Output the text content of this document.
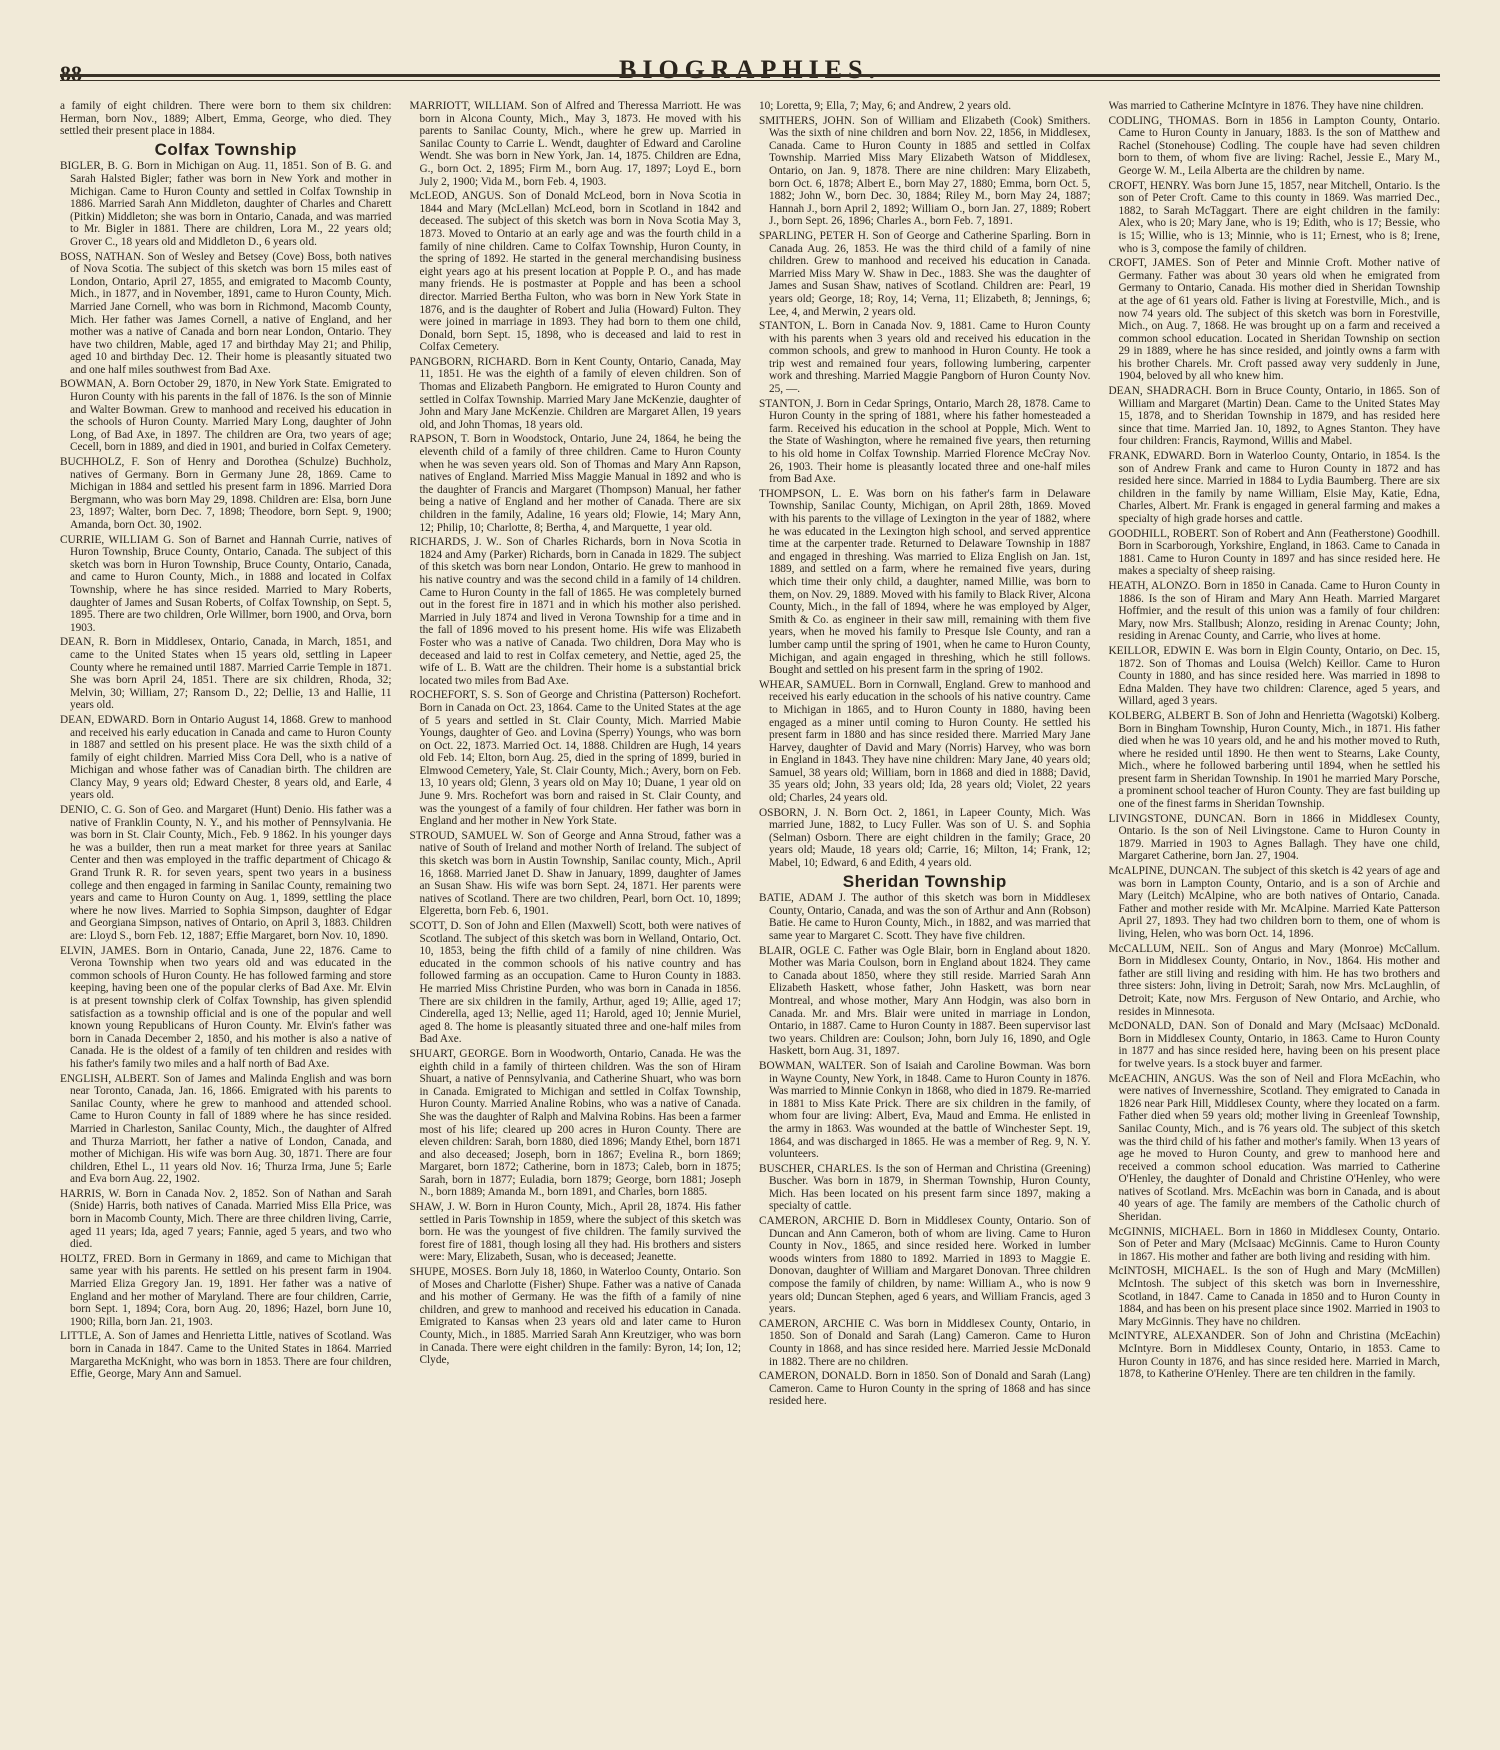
88	BIOGRAPHIES.

a family of eight children. There were born to them six children: Herman, born Nov., 1889; Albert, Emma, George, who died. They settled their present place in 1884.

Colfax Township

BIGLER, B. G. Born in Michigan on Aug. 11, 1851. Son of B. G. and Sarah Halsted Bigler; father was born in New York and mother in Michigan. Came to Huron County and settled in Colfax Township in 1886. Married Sarah Ann Middleton, daughter of Charles and Charett (Pitkin) Middleton; she was born in Ontario, Canada, and was married to Mr. Bigler in 1881. There are children, Lora M., 22 years old; Grover C., 18 years old and Middleton D., 6 years old.

BOSS, NATHAN. Son of Wesley and Betsey (Cove) Boss, both natives of Nova Scotia. The subject of this sketch was born 15 miles east of London, Ontario, April 27, 1855, and emigrated to Macomb County, Mich., in 1877, and in November, 1891, came to Huron County, Mich. Married Jane Cornell, who was born in Richmond, Macomb County, Mich. Her father was James Cornell, a native of England, and her mother was a native of Canada and born near London, Ontario. They have two children, Mable, aged 17 and birthday May 21; and Philip, aged 10 and birthday Dec. 12. Their home is pleasantly situated two and one half miles southwest from Bad Axe.

BOWMAN, A. Born October 29, 1870, in New York State. Emigrated to Huron County with his parents in the fall of 1876. Is the son of Minnie and Walter Bowman. Grew to manhood and received his education in the schools of Huron County. Married Mary Long, daughter of John Long, of Bad Axe, in 1897. The children are Ora, two years of age; Cecell, born in 1889, and died in 1901, and buried in Colfax Cemetery.

BUCHHOLZ, F. Son of Henry and Dorothea (Schulze) Buchholz, natives of Germany. Born in Germany June 28, 1869. Came to Michigan in 1884 and settled his present farm in 1896. Married Dora Bergmann, who was born May 29, 1898. Children are: Elsa, born June 23, 1897; Walter, born Dec. 7, 1898; Theodore, born Sept. 9, 1900; Amanda, born Oct. 30, 1902.

CURRIE, WILLIAM G. Son of Barnet and Hannah Currie, natives of Huron Township, Bruce County, Ontario, Canada. The subject of this sketch was born in Huron Township, Bruce County, Ontario, Canada, and came to Huron County, Mich., in 1888 and located in Colfax Township, where he has since resided. Married to Mary Roberts, daughter of James and Susan Roberts, of Colfax Township, on Sept. 5, 1895. There are two children, Orle Willmer, born 1900, and Orva, born 1903.

DEAN, R. Born in Middlesex, Ontario, Canada, in March, 1851, and came to the United States when 15 years old, settling in Lapeer County where he remained until 1887. Married Carrie Temple in 1871. She was born April 24, 1851. There are six children, Rhoda, 32; Melvin, 30; William, 27; Ransom D., 22; Dellie, 13 and Hallie, 11 years old.

DEAN, EDWARD. Born in Ontario August 14, 1868. Grew to manhood and received his early education in Canada and came to Huron County in 1887 and settled on his present place. He was the sixth child of a family of eight children. Married Miss Cora Dell, who is a native of Michigan and whose father was of Canadian birth. The children are Clancy May, 9 years old; Edward Chester, 8 years old, and Earle, 4 years old.

DENIO, C. G. Son of Geo. and Margaret (Hunt) Denio. His father was a native of Franklin County, N. Y., and his mother of Pennsylvania. He was born in St. Clair County, Mich., Feb. 9 1862. In his younger days he was a builder, then run a meat market for three years at Sanilac Center and then was employed in the traffic department of Chicago & Grand Trunk R. R. for seven years, spent two years in a business college and then engaged in farming in Sanilac County, remaining two years and came to Huron County on Aug. 1, 1899, settling the place where he now lives. Married to Sophia Simpson, daughter of Edgar and Georgiana Simpson, natives of Ontario, on April 3, 1883. Children are: Lloyd S., born Feb. 12, 1887; Effie Margaret, born Nov. 10, 1890.

ELVIN, JAMES. Born in Ontario, Canada, June 22, 1876. Came to Verona Township when two years old and was educated in the common schools of Huron County. He has followed farming and store keeping, having been one of the popular clerks of Bad Axe. Mr. Elvin is at present township clerk of Colfax Township, has given splendid satisfaction as a township official and is one of the popular and well known young Republicans of Huron County. Mr. Elvin's father was born in Canada December 2, 1850, and his mother is also a native of Canada. He is the oldest of a family of ten children and resides with his father's family two miles and a half north of Bad Axe.

ENGLISH, ALBERT. Son of James and Malinda English and was born near Toronto, Canada, Jan. 16, 1866. Emigrated with his parents to Sanilac County, where he grew to manhood and attended school. Came to Huron County in fall of 1889 where he has since resided. Married in Charleston, Sanilac County, Mich., the daughter of Alfred and Thurza Marriott, her father a native of London, Canada, and mother of Michigan. His wife was born Aug. 30, 1871. There are four children, Ethel L., 11 years old Nov. 16; Thurza Irma, June 5; Earle and Eva born Aug. 22, 1902.

HARRIS, W. Born in Canada Nov. 2, 1852. Son of Nathan and Sarah (Snide) Harris, both natives of Canada. Married Miss Ella Price, was born in Macomb County, Mich. There are three children living, Carrie, aged 11 years; Ida, aged 7 years; Fannie, aged 5 years, and two who died.

HOLTZ, FRED. Born in Germany in 1869, and came to Michigan that same year with his parents. He settled on his present farm in 1904. Married Eliza Gregory Jan. 19, 1891. Her father was a native of England and her mother of Maryland. There are four children, Carrie, born Sept. 1, 1894; Cora, born Aug. 20, 1896; Hazel, born June 10, 1900; Rilla, born Jan. 21, 1903.

LITTLE, A. Son of James and Henrietta Little, natives of Scotland. Was born in Canada in 1847. Came to the United States in 1864. Married Margaretha McKnight, who was born in 1853. There are four children, Effie, George, Mary Ann and Samuel.

MARRIOTT, WILLIAM. Son of Alfred and Theressa Marriott. He was born in Alcona County, Mich., May 3, 1873. He moved with his parents to Sanilac County, Mich., where he grew up. Married in Sanilac County to Carrie L. Wendt, daughter of Edward and Caroline Wendt. She was born in New York, Jan. 14, 1875. Children are Edna, G., born Oct. 2, 1895; Firm M., born Aug. 17, 1897; Loyd E., born July 2, 1900; Vida M., born Feb. 4, 1903.

McLEOD, ANGUS. Son of Donald McLeod, born in Nova Scotia in 1844 and Mary (McLellan) McLeod, born in Scotland in 1842 and deceased. The subject of this sketch was born in Nova Scotia May 3, 1873. Moved to Ontario at an early age and was the fourth child in a family of nine children. Came to Colfax Township, Huron County, in the spring of 1892. He started in the general merchandising business eight years ago at his present location at Popple P. O., and has made many friends. He is postmaster at Popple and has been a school director. Married Bertha Fulton, who was born in New York State in 1876, and is the daughter of Robert and Julia (Howard) Fulton. They were joined in marriage in 1893. They had born to them one child, Donald, born Sept. 15, 1898, who is deceased and laid to rest in Colfax Cemetery.

PANGBORN, RICHARD. Born in Kent County, Ontario, Canada, May 11, 1851. He was the eighth of a family of eleven children. Son of Thomas and Elizabeth Pangborn. He emigrated to Huron County and settled in Colfax Township. Married Mary Jane McKenzie, daughter of John and Mary Jane McKenzie. Children are Margaret Allen, 19 years old, and John Thomas, 18 years old.

RAPSON, T. Born in Woodstock, Ontario, June 24, 1864, he being the eleventh child of a family of three children. Came to Huron County when he was seven years old. Son of Thomas and Mary Ann Rapson, natives of England. Married Miss Maggie Manual in 1892 and who is the daughter of Francis and Margaret (Thompson) Manual, her father being a native of England and her mother of Canada. There are six children in the family, Adaline, 16 years old; Flowie, 14; Mary Ann, 12; Philip, 10; Charlotte, 8; Bertha, 4, and Marquette, 1 year old.

RICHARDS, J. W.. Son of Charles Richards, born in Nova Scotia in 1824 and Amy (Parker) Richards, born in Canada in 1829. The subject of this sketch was born near London, Ontario. He grew to manhood in his native country and was the second child in a family of 14 children. Came to Huron County in the fall of 1865. He was completely burned out in the forest fire in 1871 and in which his mother also perished. Married in July 1874 and lived in Verona Township for a time and in the fall of 1896 moved to his present home. His wife was Elizabeth Foster who was a native of Canada. Two children, Dora May who is deceased and laid to rest in Colfax cemetery, and Nettie, aged 25, the wife of L. B. Watt are the children. Their home is a substantial brick located two miles from Bad Axe.

ROCHEFORT, S. S. Son of George and Christina (Patterson) Rochefort. Born in Canada on Oct. 23, 1864. Came to the United States at the age of 5 years and settled in St. Clair County, Mich. Married Mabie Youngs, daughter of Geo. and Lovina (Sperry) Youngs, who was born on Oct. 22, 1873. Married Oct. 14, 1888. Children are Hugh, 14 years old Feb. 14; Elton, born Aug. 25, died in the spring of 1899, buried in Elmwood Cemetery, Yale, St. Clair County, Mich.; Avery, born on Feb. 13, 10 years old; Glenn, 3 years old on May 10; Duane, 1 year old on June 9. Mrs. Rochefort was born and raised in St. Clair County, and was the youngest of a family of four children. Her father was born in England and her mother in New York State.

STROUD, SAMUEL W. Son of George and Anna Stroud, father was a native of South of Ireland and mother North of Ireland. The subject of this sketch was born in Austin Township, Sanilac county, Mich., April 16, 1868. Married Janet D. Shaw in January, 1899, daughter of James an Susan Shaw. His wife was born Sept. 24, 1871. Her parents were natives of Scotland. There are two children, Pearl, born Oct. 10, 1899; Elgeretta, born Feb. 6, 1901.

SCOTT, D. Son of John and Ellen (Maxwell) Scott, both were natives of Scotland. The subject of this sketch was born in Welland, Ontario, Oct. 10, 1853, being the fifth child of a family of nine children. Was educated in the common schools of his native country and has followed farming as an occupation. Came to Huron County in 1883. He married Miss Christine Purden, who was born in Canada in 1856. There are six children in the family, Arthur, aged 19; Allie, aged 17; Cinderella, aged 13; Nellie, aged 11; Harold, aged 10; Jennie Muriel, aged 8. The home is pleasantly situated three and one-half miles from Bad Axe.

SHUART, GEORGE. Born in Woodworth, Ontario, Canada. He was the eighth child in a family of thirteen children. Was the son of Hiram Shuart, a native of Pennsylvania, and Catherine Shuart, who was born in Canada. Emigrated to Michigan and settled in Colfax Township, Huron County. Married Analine Robins, who was a native of Canada. She was the daughter of Ralph and Malvina Robins. Has been a farmer most of his life; cleared up 200 acres in Huron County. There are eleven children: Sarah, born 1880, died 1896; Mandy Ethel, born 1871 and also deceased; Joseph, born in 1867; Evelina R., born 1869; Margaret, born 1872; Catherine, born in 1873; Caleb, born in 1875; Sarah, born in 1877; Euladia, born 1879; George, born 1881; Joseph N., born 1889; Amanda M., born 1891, and Charles, born 1885.

SHAW, J. W. Born in Huron County, Mich., April 28, 1874. His father settled in Paris Township in 1859, where the subject of this sketch was born. He was the youngest of five children. The family survived the forest fire of 1881, though losing all they had. His brothers and sisters were: Mary, Elizabeth, Susan, who is deceased; Jeanette.

SHUPE, MOSES. Born July 18, 1860, in Waterloo County, Ontario. Son of Moses and Charlotte (Fisher) Shupe. Father was a native of Canada and his mother of Germany. He was the fifth of a family of nine children, and grew to manhood and received his education in Canada. Emigrated to Kansas when 23 years old and later came to Huron County, Mich., in 1885. Married Sarah Ann Kreutziger, who was born in Canada. There were eight children in the family: Byron, 14; Ion, 12; Clyde,

10; Loretta, 9; Ella, 7; May, 6; and Andrew, 2 years old.

SMITHERS, JOHN. Son of William and Elizabeth (Cook) Smithers. Was the sixth of nine children and born Nov. 22, 1856, in Middlesex, Canada. Came to Huron County in 1885 and settled in Colfax Township. Married Miss Mary Elizabeth Watson of Middlesex, Ontario, on Jan. 9, 1878. There are nine children: Mary Elizabeth, born Oct. 6, 1878; Albert E., born May 27, 1880; Emma, born Oct. 5, 1882; John W., born Dec. 30, 1884; Riley M., born May 24, 1887; Hannah J., born April 2, 1892; William O., born Jan. 27, 1889; Robert J., born Sept. 26, 1896; Charles A., born Feb. 7, 1891.

SPARLING, PETER H. Son of George and Catherine Sparling. Born in Canada Aug. 26, 1853. He was the third child of a family of nine children. Grew to manhood and received his education in Canada. Married Miss Mary W. Shaw in Dec., 1883. She was the daughter of James and Susan Shaw, natives of Scotland. Children are: Pearl, 19 years old; George, 18; Roy, 14; Verna, 11; Elizabeth, 8; Jennings, 6; Lee, 4, and Merwin, 2 years old.

STANTON, L. Born in Canada Nov. 9, 1881. Came to Huron County with his parents when 3 years old and received his education in the common schools, and grew to manhood in Huron County. He took a trip west and remained four years, following lumbering, carpenter work and threshing. Married Maggie Pangborn of Huron County Nov. 25, —.

STANTON, J. Born in Cedar Springs, Ontario, March 28, 1878. Came to Huron County in the spring of 1881, where his father homesteaded a farm. Received his education in the school at Popple, Mich. Went to the State of Washington, where he remained five years, then returning to his old home in Colfax Township. Married Florence McCray Nov. 26, 1903. Their home is pleasantly located three and one-half miles from Bad Axe.

THOMPSON, L. E. Was born on his father's farm in Delaware Township, Sanilac County, Michigan, on April 28th, 1869. Moved with his parents to the village of Lexington in the year of 1882, where he was educated in the Lexington high school, and served apprentice time at the carpenter trade. Returned to Delaware Township in 1887 and engaged in threshing. Was married to Eliza English on Jan. 1st, 1889, and settled on a farm, where he remained five years, during which time their only child, a daughter, named Millie, was born to them, on Nov. 29, 1889. Moved with his family to Black River, Alcona County, Mich., in the fall of 1894, where he was employed by Alger, Smith & Co. as engineer in their saw mill, remaining with them five years, when he moved his family to Presque Isle County, and ran a lumber camp until the spring of 1901, when he came to Huron County, Michigan, and again engaged in threshing, which he still follows. Bought and settled on his present farm in the spring of 1902.

WHEAR, SAMUEL. Born in Cornwall, England. Grew to manhood and received his early education in the schools of his native country. Came to Michigan in 1865, and to Huron County in 1880, having been engaged as a miner until coming to Huron County. He settled his present farm in 1880 and has since resided there. Married Mary Jane Harvey, daughter of David and Mary (Norris) Harvey, who was born in England in 1843. They have nine children: Mary Jane, 40 years old; Samuel, 38 years old; William, born in 1868 and died in 1888; David, 35 years old; John, 33 years old; Ida, 28 years old; Violet, 22 years old; Charles, 24 years old.

OSBORN, J. N. Born Oct. 2, 1861, in Lapeer County, Mich. Was married June, 1882, to Lucy Fuller. Was son of U. S. and Sophia (Selman) Osborn. There are eight children in the family; Grace, 20 years old; Maude, 18 years old; Carrie, 16; Milton, 14; Frank, 12; Mabel, 10; Edward, 6 and Edith, 4 years old.

Sheridan Township

BATIE, ADAM J. The author of this sketch was born in Middlesex County, Ontario, Canada, and was the son of Arthur and Ann (Robson) Batie. He came to Huron County, Mich., in 1882, and was married that same year to Margaret C. Scott. They have five children.

BLAIR, OGLE C. Father was Ogle Blair, born in England about 1820. Mother was Maria Coulson, born in England about 1824. They came to Canada about 1850, where they still reside. Married Sarah Ann Elizabeth Haskett, whose father, John Haskett, was born near Montreal, and whose mother, Mary Ann Hodgin, was also born in Canada. Mr. and Mrs. Blair were united in marriage in London, Ontario, in 1887. Came to Huron County in 1887. Been supervisor last two years. Children are: Coulson; John, born July 16, 1890, and Ogle Haskett, born Aug. 31, 1897.

BOWMAN, WALTER. Son of Isaiah and Caroline Bowman. Was born in Wayne County, New York, in 1848. Came to Huron County in 1876. Was married to Minnie Conkyn in 1868, who died in 1879. Re-married in 1881 to Miss Kate Prick. There are six children in the family, of whom four are living: Albert, Eva, Maud and Emma. He enlisted in the army in 1863. Was wounded at the battle of Winchester Sept. 19, 1864, and was discharged in 1865. He was a member of Reg. 9, N. Y. volunteers.

BUSCHER, CHARLES. Is the son of Herman and Christina (Greening) Buscher. Was born in 1879, in Sherman Township, Huron County, Mich. Has been located on his present farm since 1897, making a specialty of cattle.

CAMERON, ARCHIE D. Born in Middlesex County, Ontario. Son of Duncan and Ann Cameron, both of whom are living. Came to Huron County in Nov., 1865, and since resided here. Worked in lumber woods winters from 1880 to 1892. Married in 1893 to Maggie E. Donovan, daughter of William and Margaret Donovan. Three children compose the family of children, by name: William A., who is now 9 years old; Duncan Stephen, aged 6 years, and William Francis, aged 3 years.

CAMERON, ARCHIE C. Was born in Middlesex County, Ontario, in 1850. Son of Donald and Sarah (Lang) Cameron. Came to Huron County in 1868, and has since resided here. Married Jessie McDonald in 1882. There are no children.

CAMERON, DONALD. Born in 1850. Son of Donald and Sarah (Lang) Cameron. Came to Huron County in the spring of 1868 and has since resided here.

Was married to Catherine McIntyre in 1876. They have nine children.

CODLING, THOMAS. Born in 1856 in Lampton County, Ontario. Came to Huron County in January, 1883. Is the son of Matthew and Rachel (Stonehouse) Codling. The couple have had seven children born to them, of whom five are living: Rachel, Jessie E., Mary M., George W. M., Leila Alberta are the children by name.

CROFT, HENRY. Was born June 15, 1857, near Mitchell, Ontario. Is the son of Peter Croft. Came to this county in 1869. Was married Dec., 1882, to Sarah McTaggart. There are eight children in the family: Alex, who is 20; Mary Jane, who is 19; Edith, who is 17; Bessie, who is 15; Willie, who is 13; Minnie, who is 11; Ernest, who is 8; Irene, who is 3, compose the family of children.

CROFT, JAMES. Son of Peter and Minnie Croft. Mother native of Germany. Father was about 30 years old when he emigrated from Germany to Ontario, Canada. His mother died in Sheridan Township at the age of 61 years old. Father is living at Forestville, Mich., and is now 74 years old. The subject of this sketch was born in Forestville, Mich., on Aug. 7, 1868. He was brought up on a farm and received a common school education. Located in Sheridan Township on section 29 in 1889, where he has since resided, and jointly owns a farm with his brother Charels. Mr. Croft passed away very suddenly in June, 1904, beloved by all who knew him.

DEAN, SHADRACH. Born in Bruce County, Ontario, in 1865. Son of William and Margaret (Martin) Dean. Came to the United States May 15, 1878, and to Sheridan Township in 1879, and has resided here since that time. Married Jan. 10, 1892, to Agnes Stanton. They have four children: Francis, Raymond, Willis and Mabel.

FRANK, EDWARD. Born in Waterloo County, Ontario, in 1854. Is the son of Andrew Frank and came to Huron County in 1872 and has resided here since. Married in 1884 to Lydia Baumberg. There are six children in the family by name William, Elsie May, Katie, Edna, Charles, Albert. Mr. Frank is engaged in general farming and makes a specialty of high grade horses and cattle.

GOODHILL, ROBERT. Son of Robert and Ann (Featherstone) Goodhill. Born in Scarborough, Yorkshire, England, in 1863. Came to Canada in 1881. Came to Huron County in 1897 and has since resided here. He makes a specialty of sheep raising.

HEATH, ALONZO. Born in 1850 in Canada. Came to Huron County in 1886. Is the son of Hiram and Mary Ann Heath. Married Margaret Hoffmier, and the result of this union was a family of four children: Mary, now Mrs. Stallbush; Alonzo, residing in Arenac County; John, residing in Arenac County, and Carrie, who lives at home.

KEILLOR, EDWIN E. Was born in Elgin County, Ontario, on Dec. 15, 1872. Son of Thomas and Louisa (Welch) Keillor. Came to Huron County in 1880, and has since resided here. Was married in 1898 to Edna Malden. They have two children: Clarence, aged 5 years, and Willard, aged 3 years.

KOLBERG, ALBERT B. Son of John and Henrietta (Wagotski) Kolberg. Born in Bingham Township, Huron County, Mich., in 1871. His father died when he was 10 years old, and he and his mother moved to Ruth, where he resided until 1890. He then went to Stearns, Lake County, Mich., where he followed barbering until 1894, when he settled his present farm in Sheridan Township. In 1901 he married Mary Porsche, a prominent school teacher of Huron County. They are fast building up one of the finest farms in Sheridan Township.

LIVINGSTONE, DUNCAN. Born in 1866 in Middlesex County, Ontario. Is the son of Neil Livingstone. Came to Huron County in 1879. Married in 1903 to Agnes Ballagh. They have one child, Margaret Catherine, born Jan. 27, 1904.

McALPINE, DUNCAN. The subject of this sketch is 42 years of age and was born in Lampton County, Ontario, and is a son of Archie and Mary (Leitch) McAlpine, who are both natives of Ontario, Canada. Father and mother reside with Mr. McAlpine. Married Kate Patterson April 27, 1893. They had two children born to them, one of whom is living, Helen, who was born Oct. 14, 1896.

McCALLUM, NEIL. Son of Angus and Mary (Monroe) McCallum. Born in Middlesex County, Ontario, in Nov., 1864. His mother and father are still living and residing with him. He has two brothers and three sisters: John, living in Detroit; Sarah, now Mrs. McLaughlin, of Detroit; Kate, now Mrs. Ferguson of New Ontario, and Archie, who resides in Minnesota.

McDONALD, DAN. Son of Donald and Mary (McIsaac) McDonald. Born in Middlesex County, Ontario, in 1863. Came to Huron County in 1877 and has since resided here, having been on his present place for twelve years. Is a stock buyer and farmer.

McEACHIN, ANGUS. Was the son of Neil and Flora McEachin, who were natives of Invernesshire, Scotland. They emigrated to Canada in 1826 near Park Hill, Middlesex County, where they located on a farm. Father died when 59 years old; mother living in Greenleaf Township, Sanilac County, Mich., and is 76 years old. The subject of this sketch was the third child of his father and mother's family. When 13 years of age he moved to Huron County, and grew to manhood here and received a common school education. Was married to Catherine O'Henley, the daughter of Donald and Christine O'Henley, who were natives of Scotland. Mrs. McEachin was born in Canada, and is about 40 years of age. The family are members of the Catholic church of Sheridan.

McGINNIS, MICHAEL. Born in 1860 in Middlesex County, Ontario. Son of Peter and Mary (McIsaac) McGinnis. Came to Huron County in 1867. His mother and father are both living and residing with him.

McINTOSH, MICHAEL. Is the son of Hugh and Mary (McMillen) McIntosh. The subject of this sketch was born in Invernesshire, Scotland, in 1847. Came to Canada in 1850 and to Huron County in 1884, and has been on his present place since 1902. Married in 1903 to Mary McGinnis. They have no children.

McINTYRE, ALEXANDER. Son of John and Christina (McEachin) McIntyre. Born in Middlesex County, Ontario, in 1853. Came to Huron County in 1876, and has since resided here. Married in March, 1878, to Katherine O'Henley. There are ten children in the family.
